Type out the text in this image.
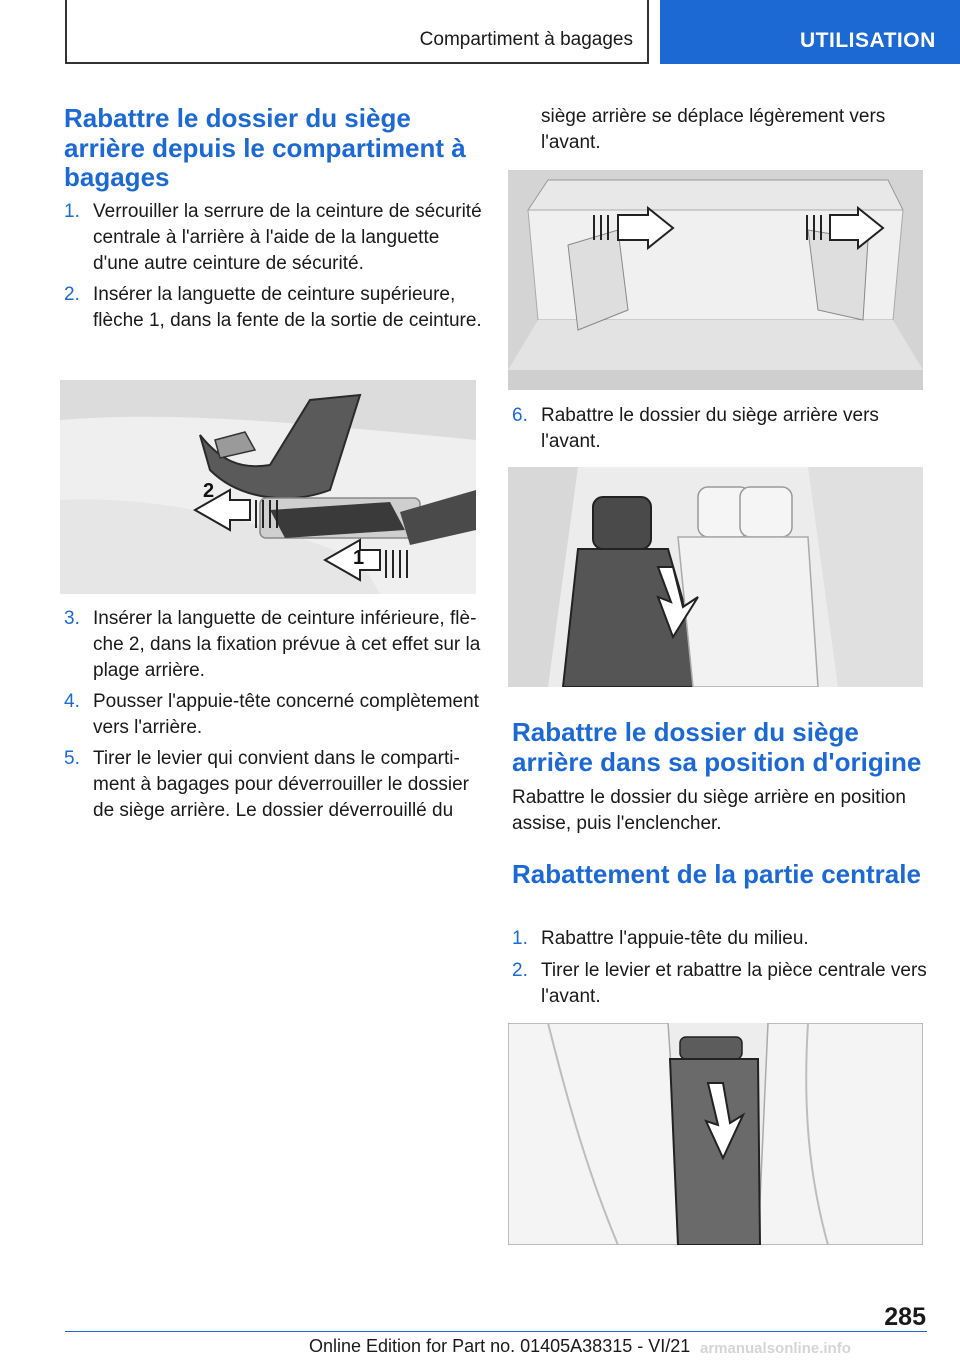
Compartiment à bagages	UTILISATION
Rabattre le dossier du siège arrière depuis le compartiment à bagages
1. Verrouiller la serrure de la ceinture de sécurité centrale à l'arrière à l'aide de la languette d'une autre ceinture de sécurité.
2. Insérer la languette de ceinture supérieure, flèche 1, dans la fente de la sortie de ceinture.
1
2
3. Insérer la languette de ceinture inférieure, flèche 2, dans la fixation prévue à cet effet sur la plage arrière.
4. Pousser l'appuie-tête concerné complètement vers l'arrière.
5. Tirer le levier qui convient dans le compartiment à bagages pour déverrouiller le dossier de siège arrière. Le dossier déverrouillé du

siège arrière se déplace légèrement vers l'avant.

6. Rabattre le dossier du siège arrière vers l'avant.
Rabattre le dossier du siège arrière dans sa position d'origine

Rabattre le dossier du siège arrière en position assise, puis l'enclencher.

Rabattement de la partie centrale
1. Rabattre l'appuie-tête du milieu.
2. Tirer le levier et rabattre la pièce centrale vers l'avant.
285
Online Edition for Part no. 01405A38315 - VI/21 armanualsonline.info
